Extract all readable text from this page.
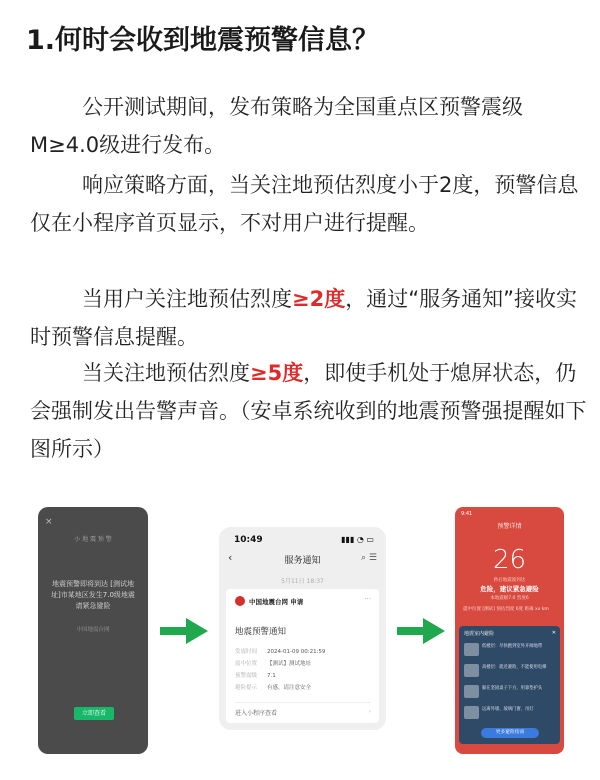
1.何时会收到地震预警信息？
公开测试期间，发布策略为全国重点区预警震级M≥4.0级进行发布。
响应策略方面，当关注地预估烈度小于2度，预警信息仅在小程序首页显示，不对用户进行提醒。
当用户关注地预估烈度≥2度，通过“服务通知”接收实时预警信息提醒。
当关注地预估烈度≥5度，即使手机处于熄屏状态，仍会强制发出告警声音。（安卓系统收到的地震预警强提醒如下图所示）
×
小 地 震 预 警
地震预警即将到达 [测试地址]市某地区发生7.0级地震 请紧急避险
中国地震台网
立即查看
10:49	▮▮▮ ◔ ▭
‹	服务通知	⌕ ☰
5月11日 18:37
中国地震台网 申请	···
地震预警通知
发震时间 2024-01-09 00:21:59
震中位置 【测试】测试地址
预警震级 7.1
避险提示 有感，请注意安全
进入小程序查看	›
9:41
预警详情
26
秒后地震波到达
危险，建议紧急避险
本地震级7.0 烈度6
震中位置 [测试] 预估烈度 6度 距离 xx km
地震室内避险	✕
低楼层：尽快跑到室外开阔地带
高楼层：就近避险，不能使用电梯
躲在坚固桌子下方，用靠垫护头
远离外墙、玻璃门窗、吊灯
更多避险指南
